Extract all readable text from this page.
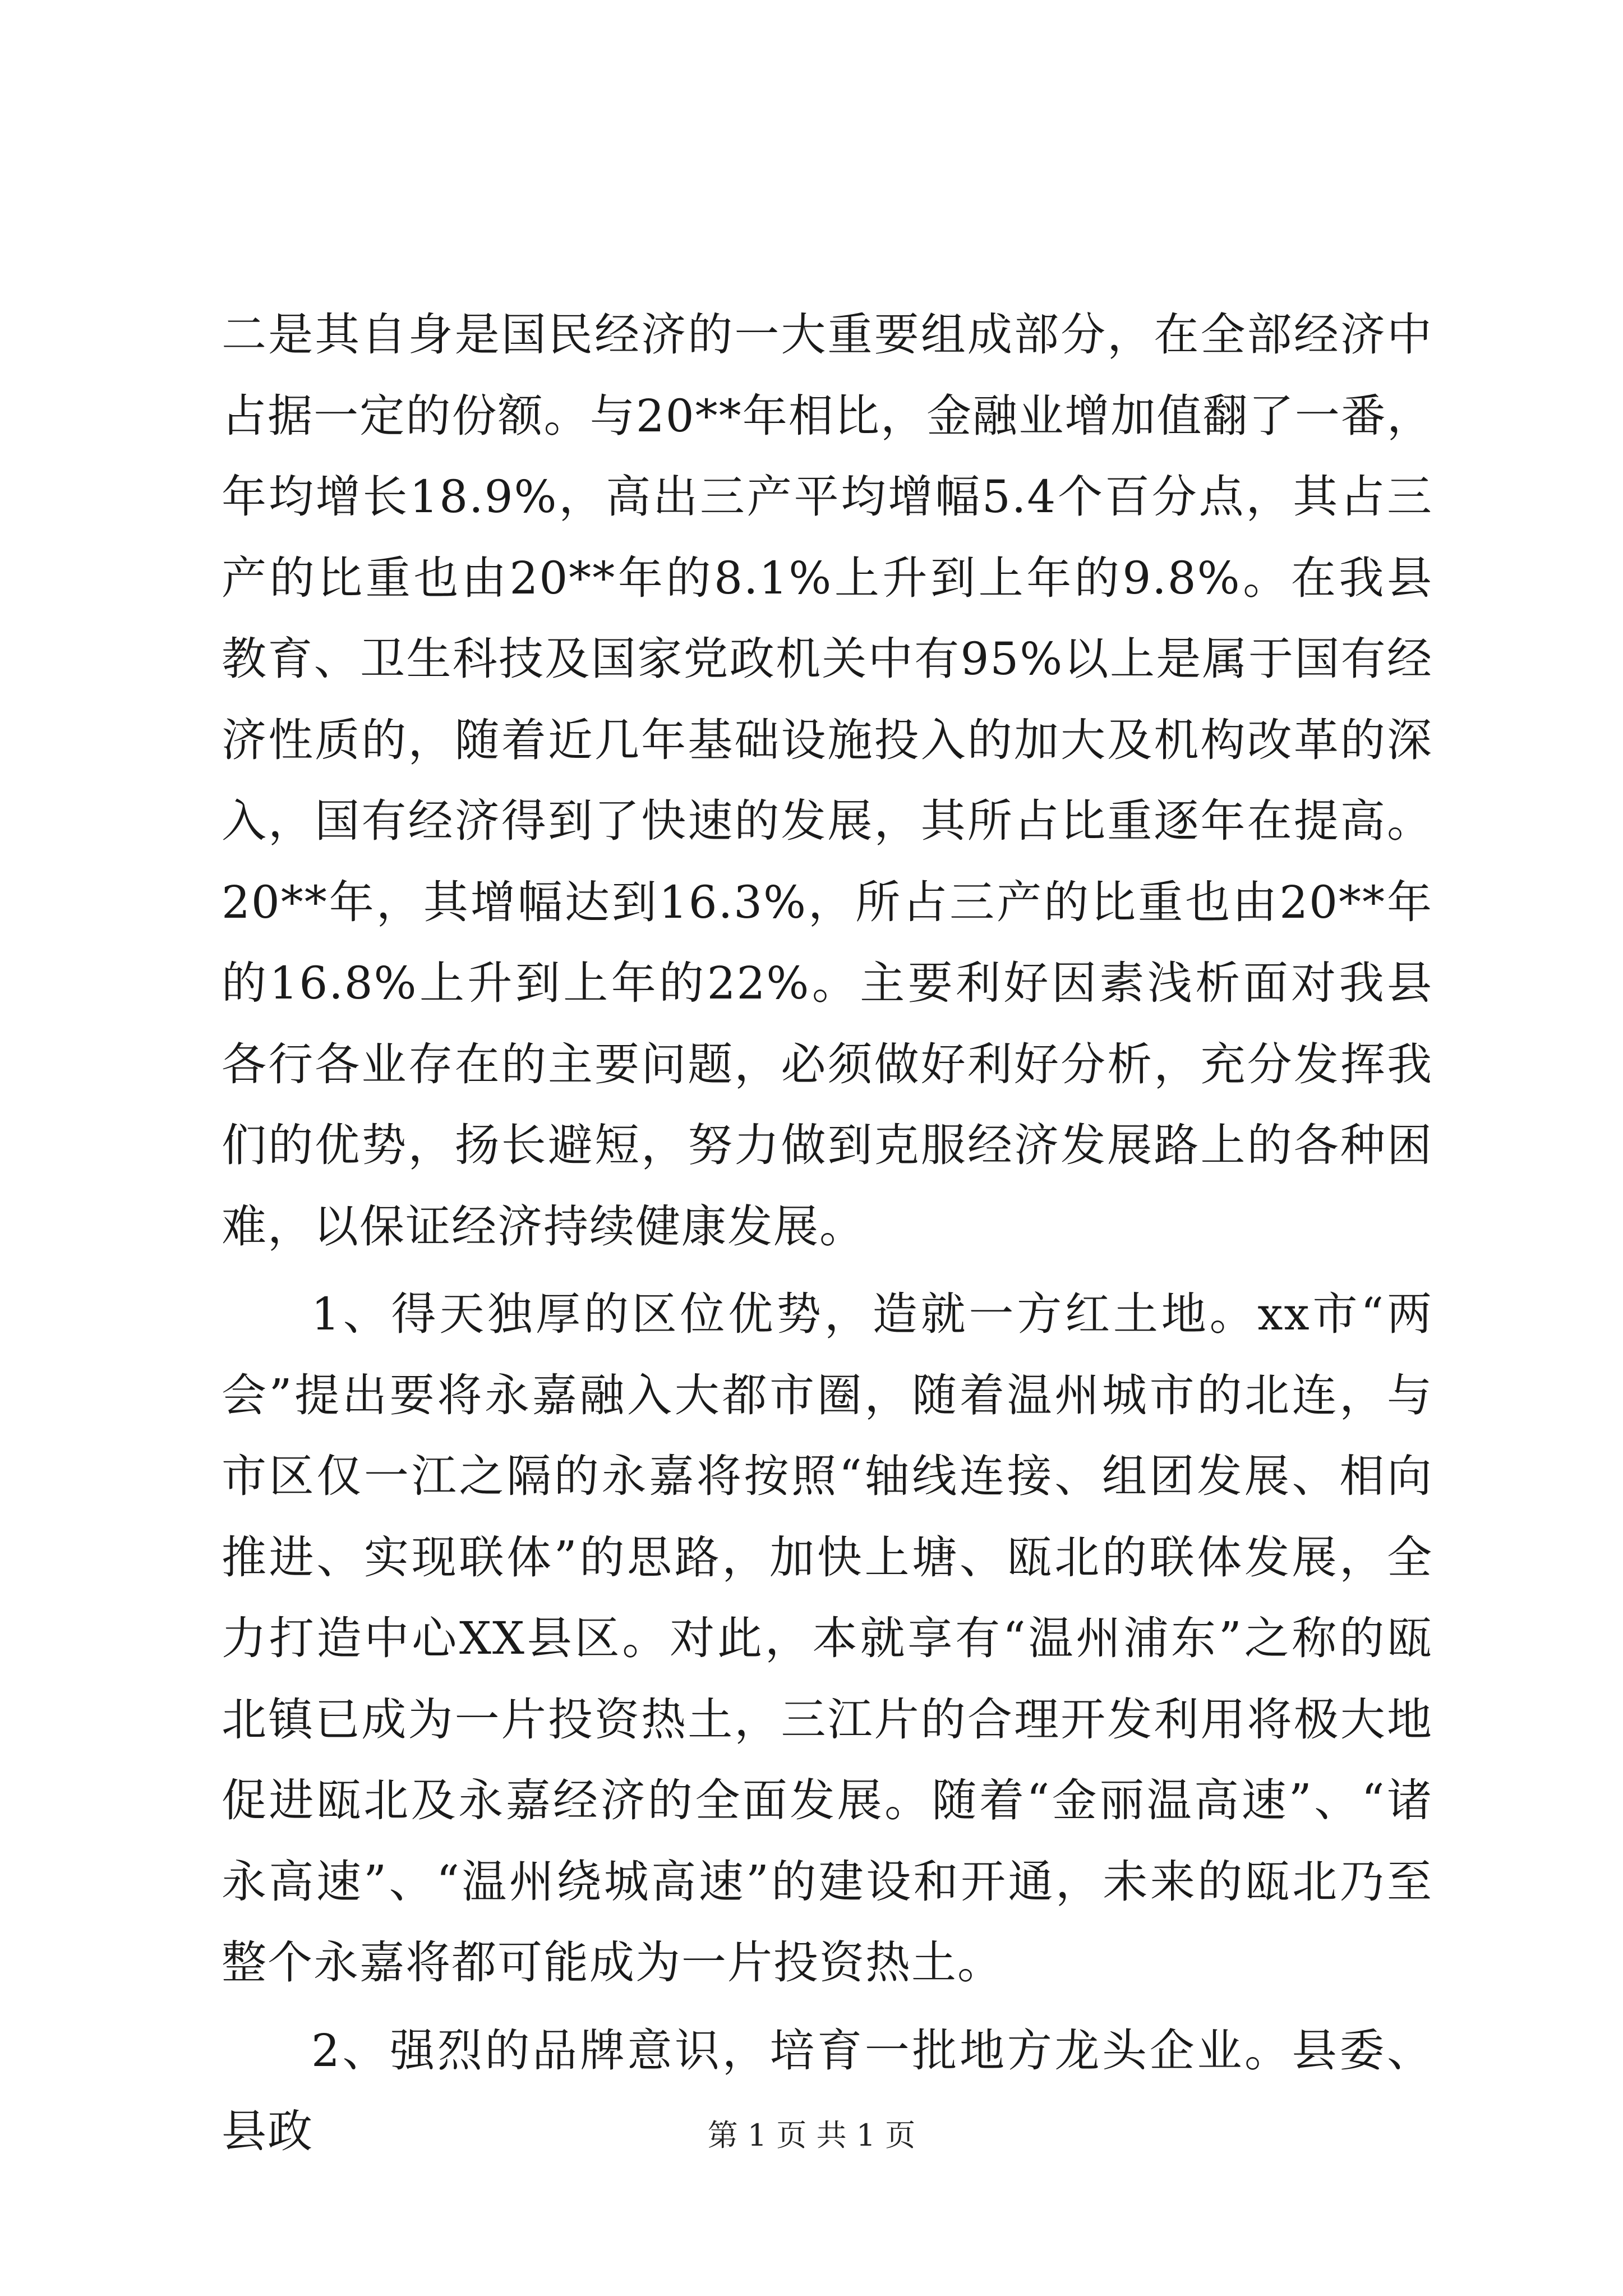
二是其自身是国民经济的一大重要组成部分，在全部经济中占据一定的份额。与20**年相比，金融业增加值翻了一番，年均增长18.9%，高出三产平均增幅5.4个百分点，其占三产的比重也由20**年的8.1%上升到上年的9.8%。在我县教育、卫生科技及国家党政机关中有95%以上是属于国有经济性质的，随着近几年基础设施投入的加大及机构改革的深入，国有经济得到了快速的发展，其所占比重逐年在提高。20**年，其增幅达到16.3%，所占三产的比重也由20**年的16.8%上升到上年的22%。主要利好因素浅析面对我县各行各业存在的主要问题，必须做好利好分析，充分发挥我们的优势，扬长避短，努力做到克服经济发展路上的各种困难，以保证经济持续健康发展。

1、得天独厚的区位优势，造就一方红土地。xx市“两会”提出要将永嘉融入大都市圈，随着温州城市的北连，与市区仅一江之隔的永嘉将按照“轴线连接、组团发展、相向推进、实现联体”的思路，加快上塘、瓯北的联体发展，全力打造中心XX县区。对此，本就享有“温州浦东”之称的瓯北镇已成为一片投资热土，三江片的合理开发利用将极大地促进瓯北及永嘉经济的全面发展。随着“金丽温高速”、“诸永高速”、“温州绕城高速”的建设和开通，未来的瓯北乃至整个永嘉将都可能成为一片投资热土。

2、强烈的品牌意识，培育一批地方龙头企业。县委、县政	第 1 页 共 1 页
